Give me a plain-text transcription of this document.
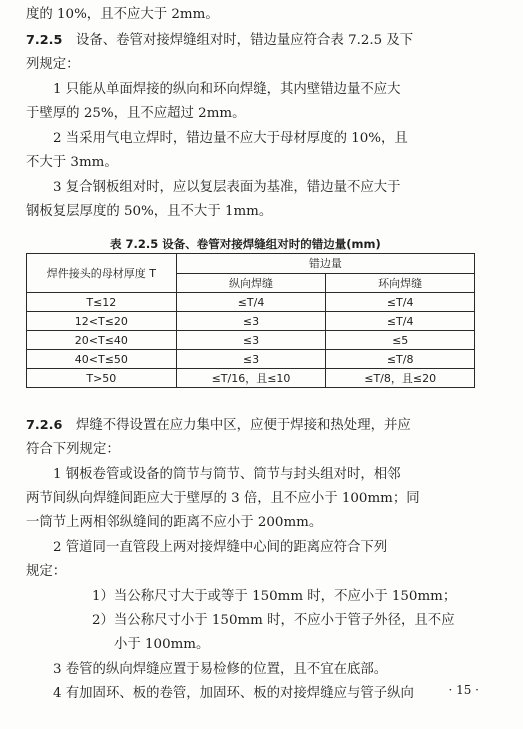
度的 10%，且不应大于 2mm。
7.2.5 设备、卷管对接焊缝组对时，错边量应符合表 7.2.5 及下
列规定：
1 只能从单面焊接的纵向和环向焊缝，其内壁错边量不应大
于壁厚的 25%，且不应超过 2mm。
2 当采用气电立焊时，错边量不应大于母材厚度的 10%，且
不大于 3mm。
3 复合钢板组对时，应以复层表面为基准，错边量不应大于
钢板复层厚度的 50%，且不大于 1mm。
7.2.6 焊缝不得设置在应力集中区，应便于焊接和热处理，并应
符合下列规定：
1 钢板卷管或设备的筒节与筒节、筒节与封头组对时，相邻
两节间纵向焊缝间距应大于壁厚的 3 倍，且不应小于 100mm；同
一筒节上两相邻纵缝间的距离不应小于 200mm。
2 管道同一直管段上两对接焊缝中心间的距离应符合下列
规定：
1）当公称尺寸大于或等于 150mm 时，不应小于 150mm；
2）当公称尺寸小于 150mm 时，不应小于管子外径，且不应
小于 100mm。
3 卷管的纵向焊缝应置于易检修的位置，且不宜在底部。
4 有加固环、板的卷管，加固环、板的对接焊缝应与管子纵向
表 7.2.5 设备、卷管对接焊缝组对时的错边量(mm)
焊件接头的母材厚度 T	错边量	
	纵向焊缝	环向焊缝
T≤12	≤T/4	≤T/4
12<T≤20	≤3	≤T/4
20<T≤40	≤3	≤5
40<T≤50	≤3	≤T/8
T>50	≤T/16，且≤10	≤T/8，且≤20
· 15 ·
